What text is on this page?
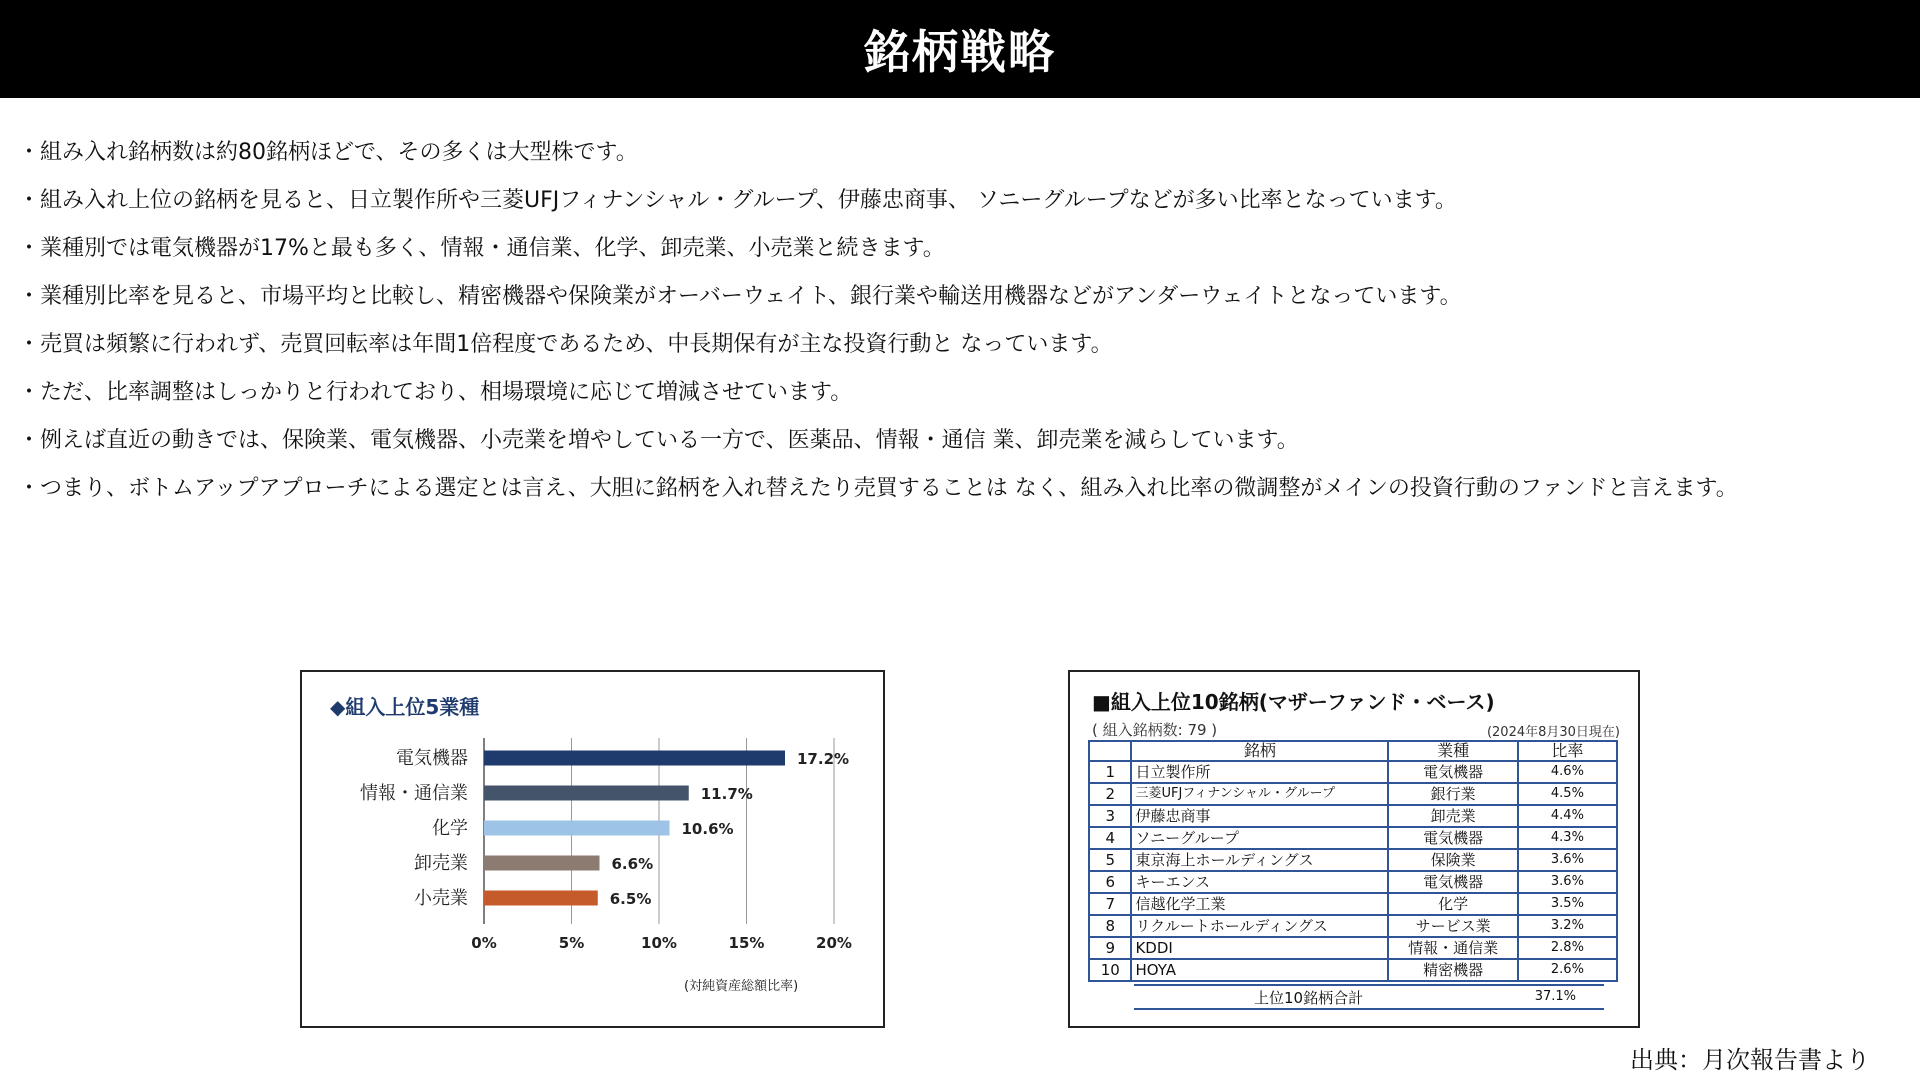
銘柄戦略

・組み入れ銘柄数は約80銘柄ほどで、その多くは大型株です。

・組み入れ上位の銘柄を見ると、日立製作所や三菱UFJフィナンシャル・グループ、伊藤忠商事、 ソニーグループなどが多い比率となっています。

・業種別では電気機器が17%と最も多く、情報・通信業、化学、卸売業、小売業と続きます。

・業種別比率を見ると、市場平均と比較し、精密機器や保険業がオーバーウェイト、銀行業や輸送用機器などがアンダーウェイトとなっています。

・売買は頻繁に行われず、売買回転率は年間1倍程度であるため、中長期保有が主な投資行動と なっています。

・ただ、比率調整はしっかりと行われており、相場環境に応じて増減させています。

・例えば直近の動きでは、保険業、電気機器、小売業を増やしている一方で、医薬品、情報・通信 業、卸売業を減らしています。

・つまり、ボトムアップアプローチによる選定とは言え、大胆に銘柄を入れ替えたり売買することは なく、組み入れ比率の微調整がメインの投資行動のファンドと言えます。

◆組入上位5業種
電気機器
情報・通信業
化学
卸売業
小売業
17.2%
11.7%
10.6%
6.6%
6.5%
0%	5%	10%	15%	20%
(対純資産総額比率)
■組入上位10銘柄(マザーファンド・ベース)
( 組入銘柄数: 79 )	(2024年8月30日現在)
	銘柄	業種	比率
1	日立製作所	電気機器	4.6%
2	三菱UFJフィナンシャル・グループ	銀行業	4.5%
3	伊藤忠商事	卸売業	4.4%
4	ソニーグループ	電気機器	4.3%
5	東京海上ホールディングス	保険業	3.6%
6	キーエンス	電気機器	3.6%
7	信越化学工業	化学	3.5%
8	リクルートホールディングス	サービス業	3.2%
9	KDDI	情報・通信業	2.8%
10	HOYA	精密機器	2.6%
上位10銘柄合計	37.1%
出典：月次報告書より
